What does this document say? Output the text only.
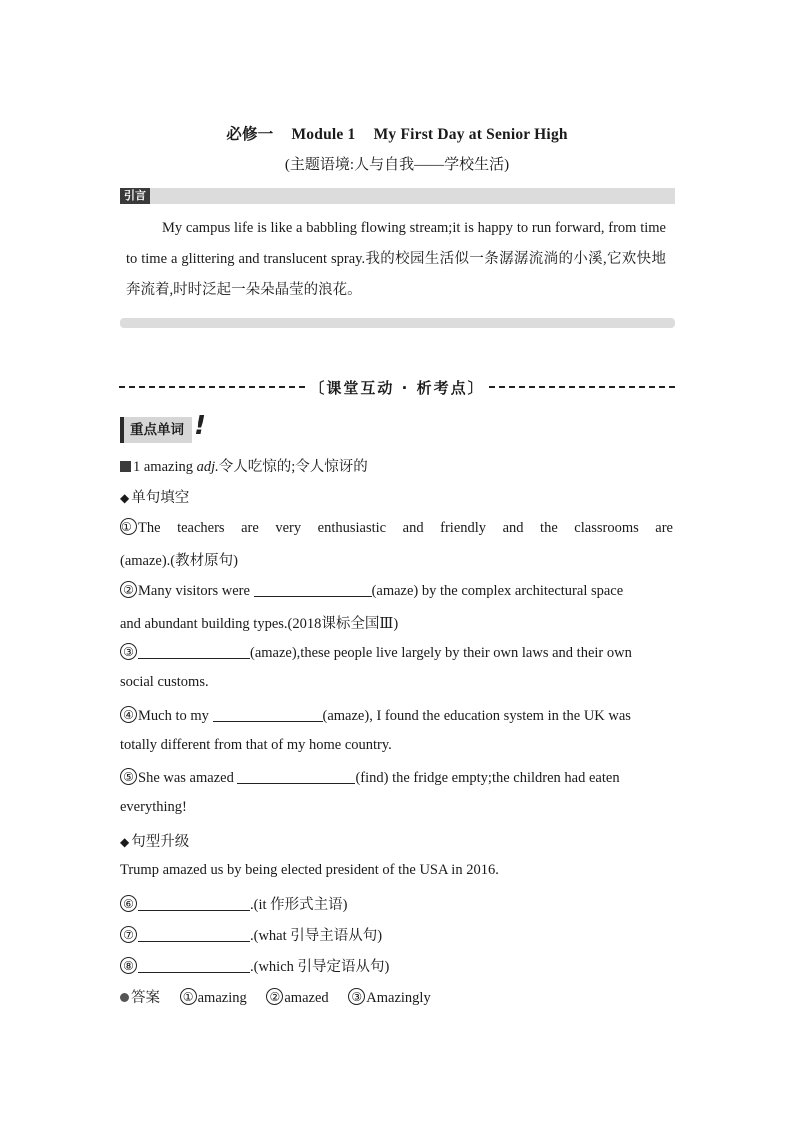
必修一 Module 1 My First Day at Senior High
(主题语境:人与自我——学校生活)
引言
My campus life is like a babbling flowing stream;it is happy to run forward, from time to time a glittering and translucent spray.我的校园生活似一条潺潺流淌的小溪,它欢快地奔流着,时时泛起一朵朵晶莹的浪花。
〔课堂互动 · 析考点〕
重点单词 !
1 amazing adj.令人吃惊的;令人惊讶的
◆ 单句填空
① The teachers are very enthusiastic and friendly and the classrooms are
(amaze).(教材原句)
② Many visitors were	(amaze) by the complex architectural space
and abundant building types.(2018课标全国Ⅲ)
③	(amaze),these people live largely by their own laws and their own
social customs.
④ Much to my	(amaze), I found the education system in the UK was
totally different from that of my home country.
⑤ She was amazed	(find) the fridge empty;the children had eaten
everything!
◆ 句型升级
Trump amazed us by being elected president of the USA in 2016.
⑥	.(it 作形式主语)
⑦	.(what 引导主语从句)
⑧	.(which 引导定语从句)
答案 ① amazing ② amazed ③ Amazingly
